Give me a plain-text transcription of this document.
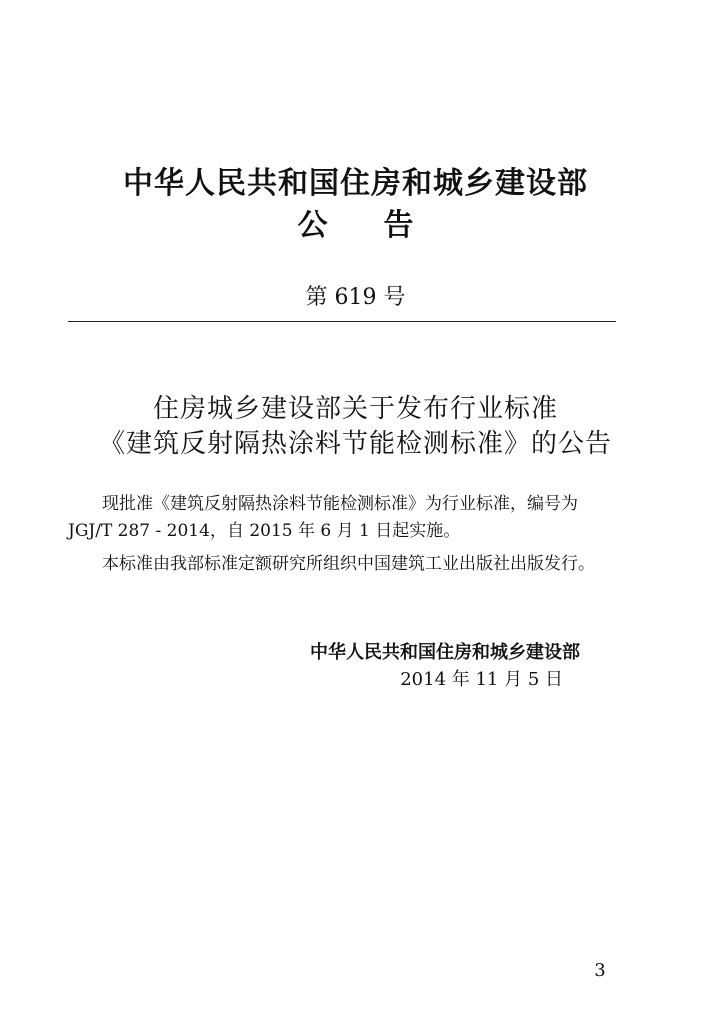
中华人民共和国住房和城乡建设部
公告
第 619 号
住房城乡建设部关于发布行业标准
《建筑反射隔热涂料节能检测标准》的公告

现批准《建筑反射隔热涂料节能检测标准》为行业标准，编号为 JGJ/T 287 - 2014，自 2015 年 6 月 1 日起实施。

本标准由我部标准定额研究所组织中国建筑工业出版社出版发行。

中华人民共和国住房和城乡建设部
2014 年 11 月 5 日
3
